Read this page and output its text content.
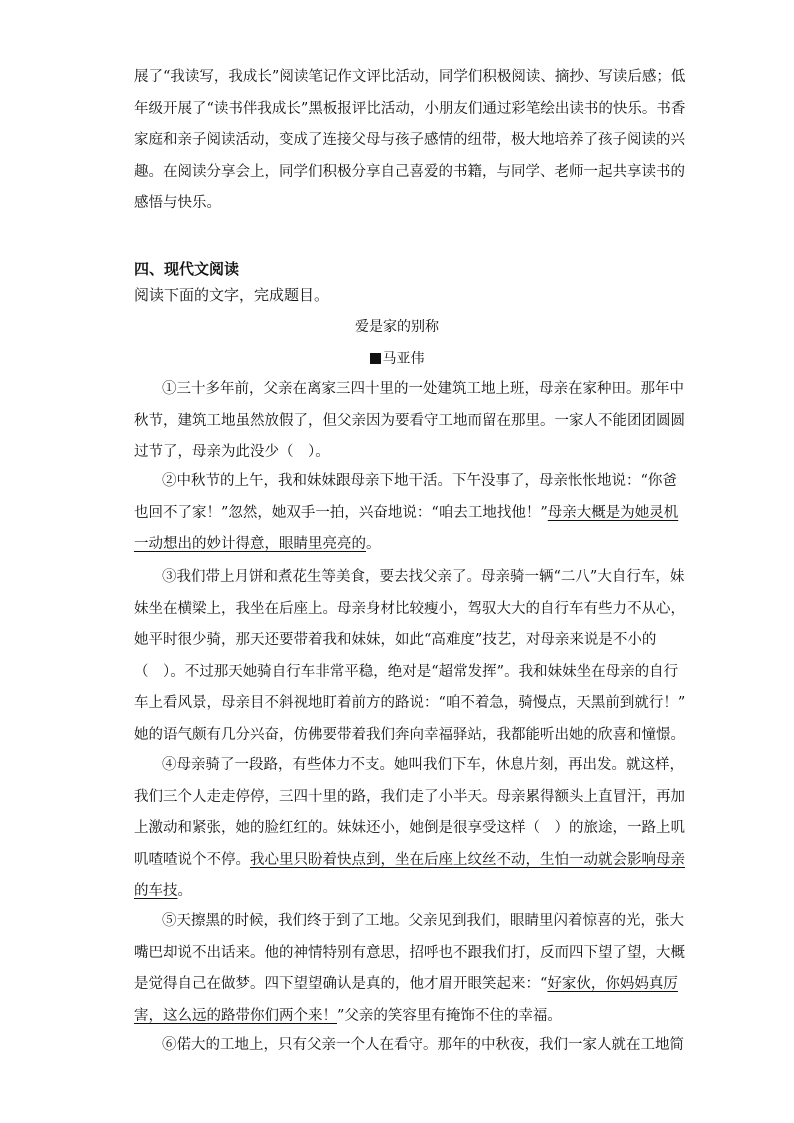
展了“我读写，我成长”阅读笔记作文评比活动，同学们积极阅读、摘抄、写读后感；低
年级开展了“读书伴我成长”黑板报评比活动，小朋友们通过彩笔绘出读书的快乐。书香
家庭和亲子阅读活动，变成了连接父母与孩子感情的纽带，极大地培养了孩子阅读的兴
趣。在阅读分享会上，同学们积极分享自己喜爱的书籍，与同学、老师一起共享读书的
感悟与快乐。
四、现代文阅读
阅读下面的文字，完成题目。
爱是家的别称
马亚伟
①三十多年前，父亲在离家三四十里的一处建筑工地上班，母亲在家种田。那年中
秋节，建筑工地虽然放假了，但父亲因为要看守工地而留在那里。一家人不能团团圆圆
过节了，母亲为此没少（　）。
②中秋节的上午，我和妹妹跟母亲下地干活。下午没事了，母亲怅怅地说：“你爸
也回不了家！”忽然，她双手一拍，兴奋地说：“咱去工地找他！”母亲大概是为她灵机
一动想出的妙计得意，眼睛里亮亮的。
③我们带上月饼和煮花生等美食，要去找父亲了。母亲骑一辆“二八”大自行车，妹
妹坐在横梁上，我坐在后座上。母亲身材比较瘦小，驾驭大大的自行车有些力不从心，
她平时很少骑，那天还要带着我和妹妹，如此“高难度”技艺，对母亲来说是不小的
（　）。不过那天她骑自行车非常平稳，绝对是“超常发挥”。我和妹妹坐在母亲的自行
车上看风景，母亲目不斜视地盯着前方的路说：“咱不着急，骑慢点，天黑前到就行！”
她的语气颇有几分兴奋，仿佛要带着我们奔向幸福驿站，我都能听出她的欣喜和憧憬。
④母亲骑了一段路，有些体力不支。她叫我们下车，休息片刻，再出发。就这样，
我们三个人走走停停，三四十里的路，我们走了小半天。母亲累得额头上直冒汗，再加
上激动和紧张，她的脸红红的。妹妹还小，她倒是很享受这样（　）的旅途，一路上叽
叽喳喳说个不停。我心里只盼着快点到，坐在后座上纹丝不动，生怕一动就会影响母亲
的车技。
⑤天擦黑的时候，我们终于到了工地。父亲见到我们，眼睛里闪着惊喜的光，张大
嘴巴却说不出话来。他的神情特别有意思，招呼也不跟我们打，反而四下望了望，大概
是觉得自己在做梦。四下望望确认是真的，他才眉开眼笑起来：“好家伙，你妈妈真厉
害，这么远的路带你们两个来！”父亲的笑容里有掩饰不住的幸福。
⑥偌大的工地上，只有父亲一个人在看守。那年的中秋夜，我们一家人就在工地简
